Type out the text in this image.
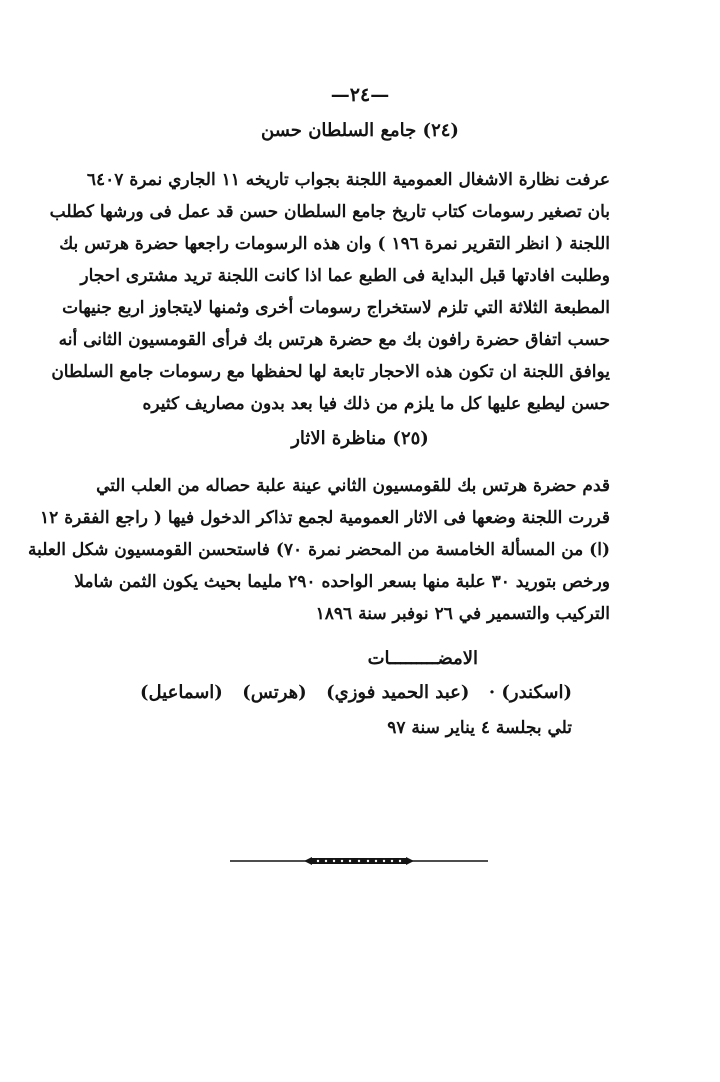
—٢٤—
(٢٤) جامع السلطان حسن
عرفت نظارة الاشغال العمومية اللجنة بجواب تاريخه ١١ الجاري نمرة ٦٤٠٧
بان تصغير رسومات كتاب تاريخ جامع السلطان حسن قد عمل فى ورشها كطلب
اللجنة ( انظر التقرير نمرة ١٩٦ ) وان هذه الرسومات راجعها حضرة هرتس بك
وطلبت افادتها قبل البداية فى الطبع عما اذا كانت اللجنة تريد مشترى احجار
المطبعة الثلاثة التي تلزم لاستخراج رسومات أخرى وثمنها لايتجاوز اربع جنيهات
حسب اتفاق حضرة رافون بك مع حضرة هرتس بك فرأى القومسيون الثانى أنه
يوافق اللجنة ان تكون هذه الاحجار تابعة لها لحفظها مع رسومات جامع السلطان
حسن ليطبع عليها كل ما يلزم من ذلك فيا بعد بدون مصاريف كثيره
(٢٥) مناظرة الاثار
قدم حضرة هرتس بك للقومسيون الثاني عينة علبة حصاله من العلب التي
قررت اللجنة وضعها فى الاثار العمومية لجمع تذاكر الدخول فيها ( راجع الفقرة ١٢
(ا) من المسألة الخامسة من المحضر نمرة ٧٠) فاستحسن القومسيون شكل العلبة
ورخص بتوريد ٣٠ علبة منها بسعر الواحده ٢٩٠ مليما بحيث يكون الثمن شاملا
التركيب والتسمير في ٢٦ نوفبر سنة ١٨٩٦
الامضـــــــــات
(اسكندر) ·
(عبد الحميد فوزي)
(هرتس)
(اسماعيل)
تلي بجلسة ٤ يناير سنة ٩٧
